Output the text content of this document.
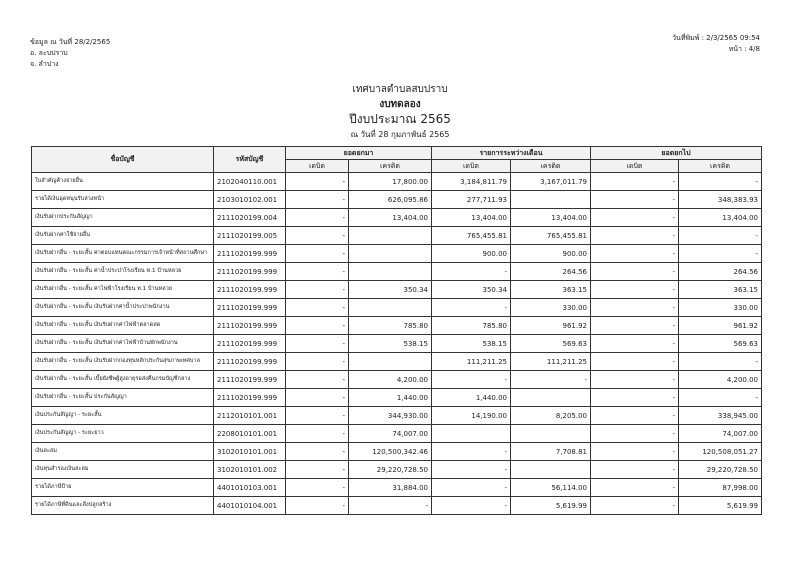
ข้อมูล ณ วันที่ 28/2/2565
อ. ละบปราบ
จ. ลำปาง
วันที่พิมพ์ : 2/3/2565 09:54
หน้า : 4/8
เทศบาลตำบลสบปราบ
งบทดลอง
ปีงบประมาณ 2565
ณ วันที่ 28 กุมภาพันธ์ 2565
ชื่อบัญชี	รหัสบัญชี	ยอดยกมา		รายการระหว่างเดือน		ยอดยกไป	
		เดบิต	เครดิต	เดบิต	เครดิต	เดบิต	เครดิต
ใบสำคัญค้างจ่ายอื่น	2102040110.001	-	17,800.00	3,184,811.79	3,167,011.79	-	-
รายได้เงินอุดหนุนรับล่วงหน้า	2103010102.001	-	626,095.86	277,711.93		-	348,383.93
เงินรับฝากประกันสัญญา	2111020199.004	-	13,404.00	13,404.00	13,404.00	-	13,404.00
เงินรับฝากค่าใช้จ่ายอื่น	2111020199.005	-		765,455.81	765,455.81	-	-
เงินรับฝากอื่น - ระยะสั้น ค่าตอบแทนคณะกรรมการเจ้าหน้าที่สถานศึกษา	2111020199.999	-		900.00	900.00	-	-
เงินรับฝากอื่น - ระยะสั้น ค่าน้ำประปาโรงเรียน ท.1 บ้านหลวย	2111020199.999	-		-	264.56	-	264.56
เงินรับฝากอื่น - ระยะสั้น ค่าไฟฟ้าโรงเรียน ท.1 บ้านหลวย	2111020199.999	-	350.34	350.34	363.15	-	363.15
เงินรับฝากอื่น - ระยะสั้น เงินรับฝากค่าน้ำประปาพนักงาน	2111020199.999	-		-	330.00	-	330.00
เงินรับฝากอื่น - ระยะสั้น เงินรับฝากค่าไฟฟ้าตลาดสด	2111020199.999	-	785.80	785.80	961.92	-	961.92
เงินรับฝากอื่น - ระยะสั้น เงินรับฝากค่าไฟฟ้าบ้านพักพนักงาน	2111020199.999	-	538.15	538.15	569.63	-	569.63
เงินรับฝากอื่น - ระยะสั้น เงินรับฝากกองทุนหลักประกันสุขภาพเทศบาล	2111020199.999	-		111,211.25	111,211.25	-	-
เงินรับฝากอื่น - ระยะสั้น เบี้ยยังชีพผู้สูงอายุรอส่งคืนกรมบัญชีกลาง	2111020199.999	-	4,200.00	-	-	-	4,200.00
เงินรับฝากอื่น - ระยะสั้น ประกันสัญญา	2111020199.999	-	1,440.00	1,440.00		-	-
เงินประกันสัญญา - ระยะสั้น	2112010101.001	-	344,930.00	14,190.00	8,205.00	-	338,945.00
เงินประกันสัญญา - ระยะยาว	2208010101.001	-	74,007.00			-	74,007.00
เงินสะสม	3102010101.001	-	120,500,342.46	-	7,708.81	-	120,508,051.27
เงินทุนสำรองเงินสะสม	3102010101.002	-	29,220,728.50	-		-	29,220,728.50
รายได้ภาษีป้าย	4401010103.001	-	31,884.00	-	56,114.00	-	87,998.00
รายได้ภาษีที่ดินและสิ่งปลูกสร้าง	4401010104.001	-	-	-	5,619.99	-	5,619.99
